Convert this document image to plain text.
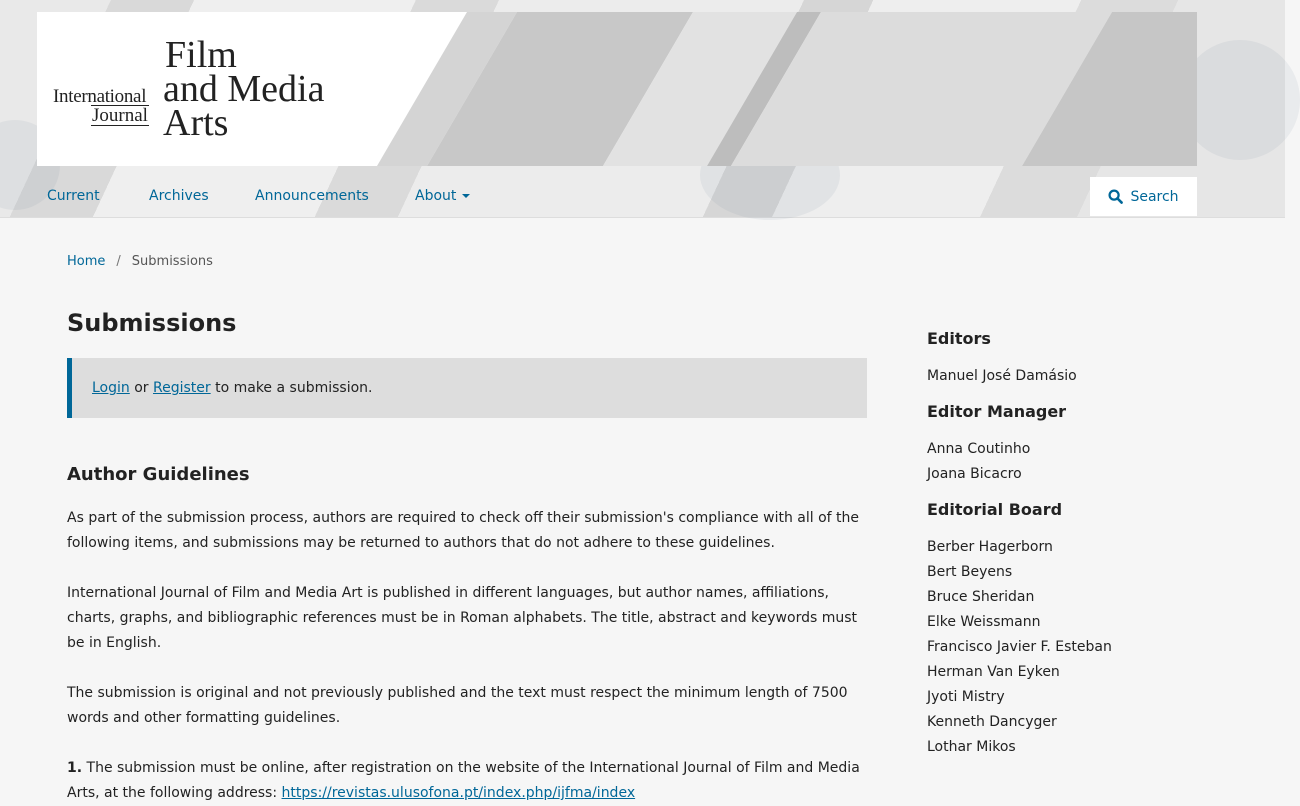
International
Journal
Film
and Media
Arts
Current	Archives	Announcements	About	Search
Home / Submissions
Submissions
Login or Register to make a submission.
Author Guidelines

As part of the submission process, authors are required to check off their submission's compliance with all of the following items, and submissions may be returned to authors that do not adhere to these guidelines.

International Journal of Film and Media Art is published in different languages, but author names, affiliations, charts, graphs, and bibliographic references must be in Roman alphabets. The title, abstract and keywords must be in English.

The submission is original and not previously published and the text must respect the minimum length of 7500 words and other formatting guidelines.

1. The submission must be online, after registration on the website of the International Journal of Film and Media Arts, at the following address: https://revistas.ulusofona.pt/index.php/ijfma/index

Editors
Manuel José Damásio
Editor Manager
Anna Coutinho
Joana Bicacro
Editorial Board
Berber Hagerborn
Bert Beyens
Bruce Sheridan
Elke Weissmann
Francisco Javier F. Esteban
Herman Van Eyken
Jyoti Mistry
Kenneth Dancyger
Lothar Mikos
